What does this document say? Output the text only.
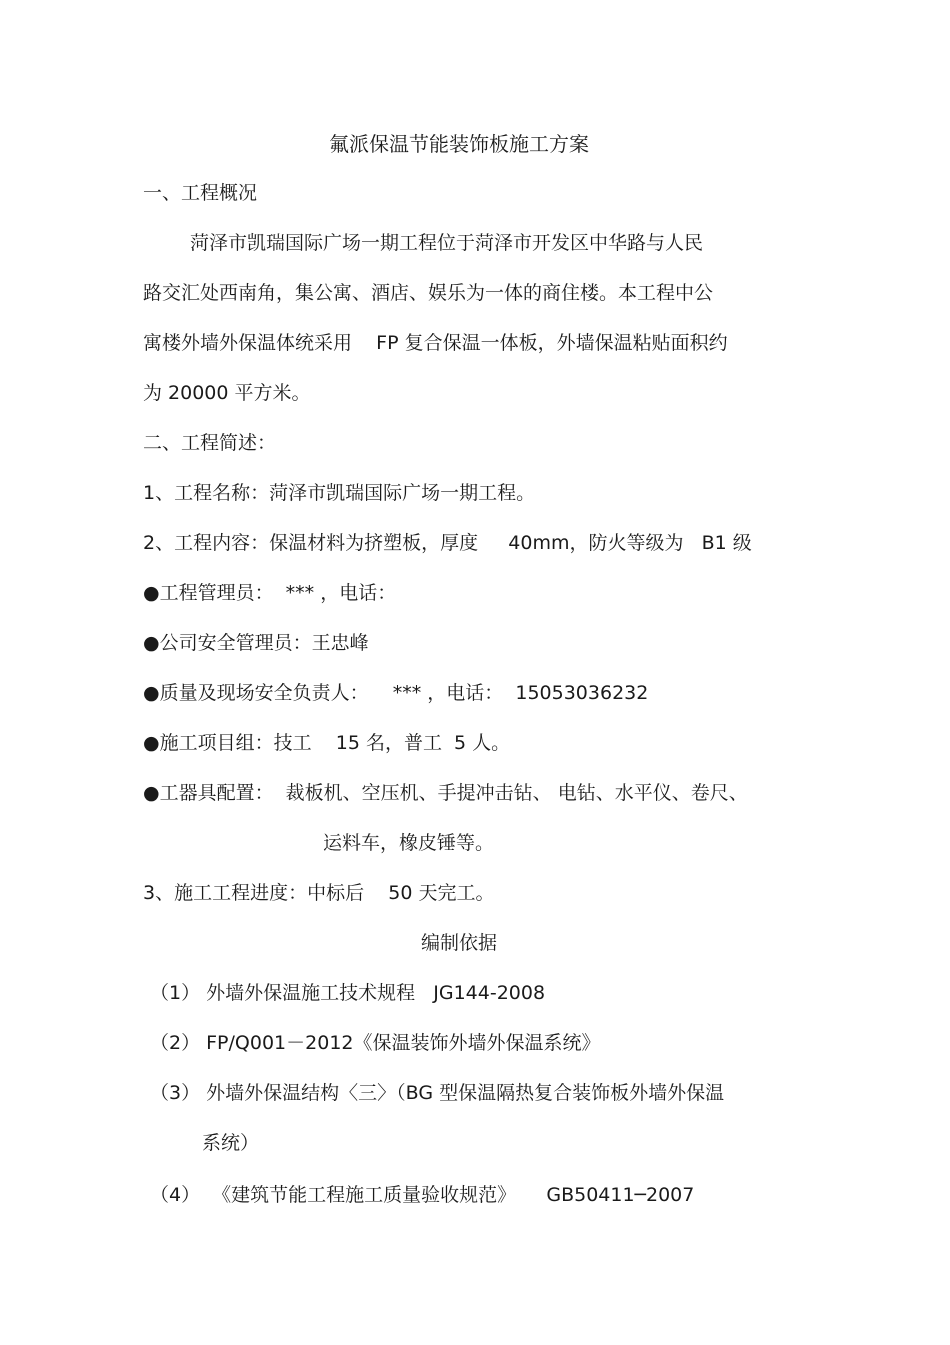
氟派保温节能装饰板施工方案
一、工程概况
菏泽市凯瑞国际广场一期工程位于菏泽市开发区中华路与人民
路交汇处西南角，集公寓、酒店、娱乐为一体的商住楼。本工程中公
寓楼外墙外保温体统采用    FP 复合保温一体板，外墙保温粘贴面积约
为 20000 平方米。
二、工程简述：
1、工程名称：菏泽市凯瑞国际广场一期工程。
2、工程内容：保温材料为挤塑板，厚度     40mm，防火等级为   B1 级
●工程管理员：  *** ，电话：
●公司安全管理员：王忠峰
●质量及现场安全负责人：    *** ，电话：  15053036232
●施工项目组：技工    15 名，普工  5 人。
●工器具配置：  裁板机、空压机、手提冲击钻、 电钻、水平仪、卷尺、
运料车，橡皮锤等。
3、施工工程进度：中标后    50 天完工。
编制依据
（1） 外墙外保温施工技术规程   JG144-2008
（2） FP/Q001－2012《保温装饰外墙外保温系统》
（3） 外墙外保温结构〈三〉（BG 型保温隔热复合装饰板外墙外保温
系统）
（4）  《建筑节能工程施工质量验收规范》     GB50411─2007
